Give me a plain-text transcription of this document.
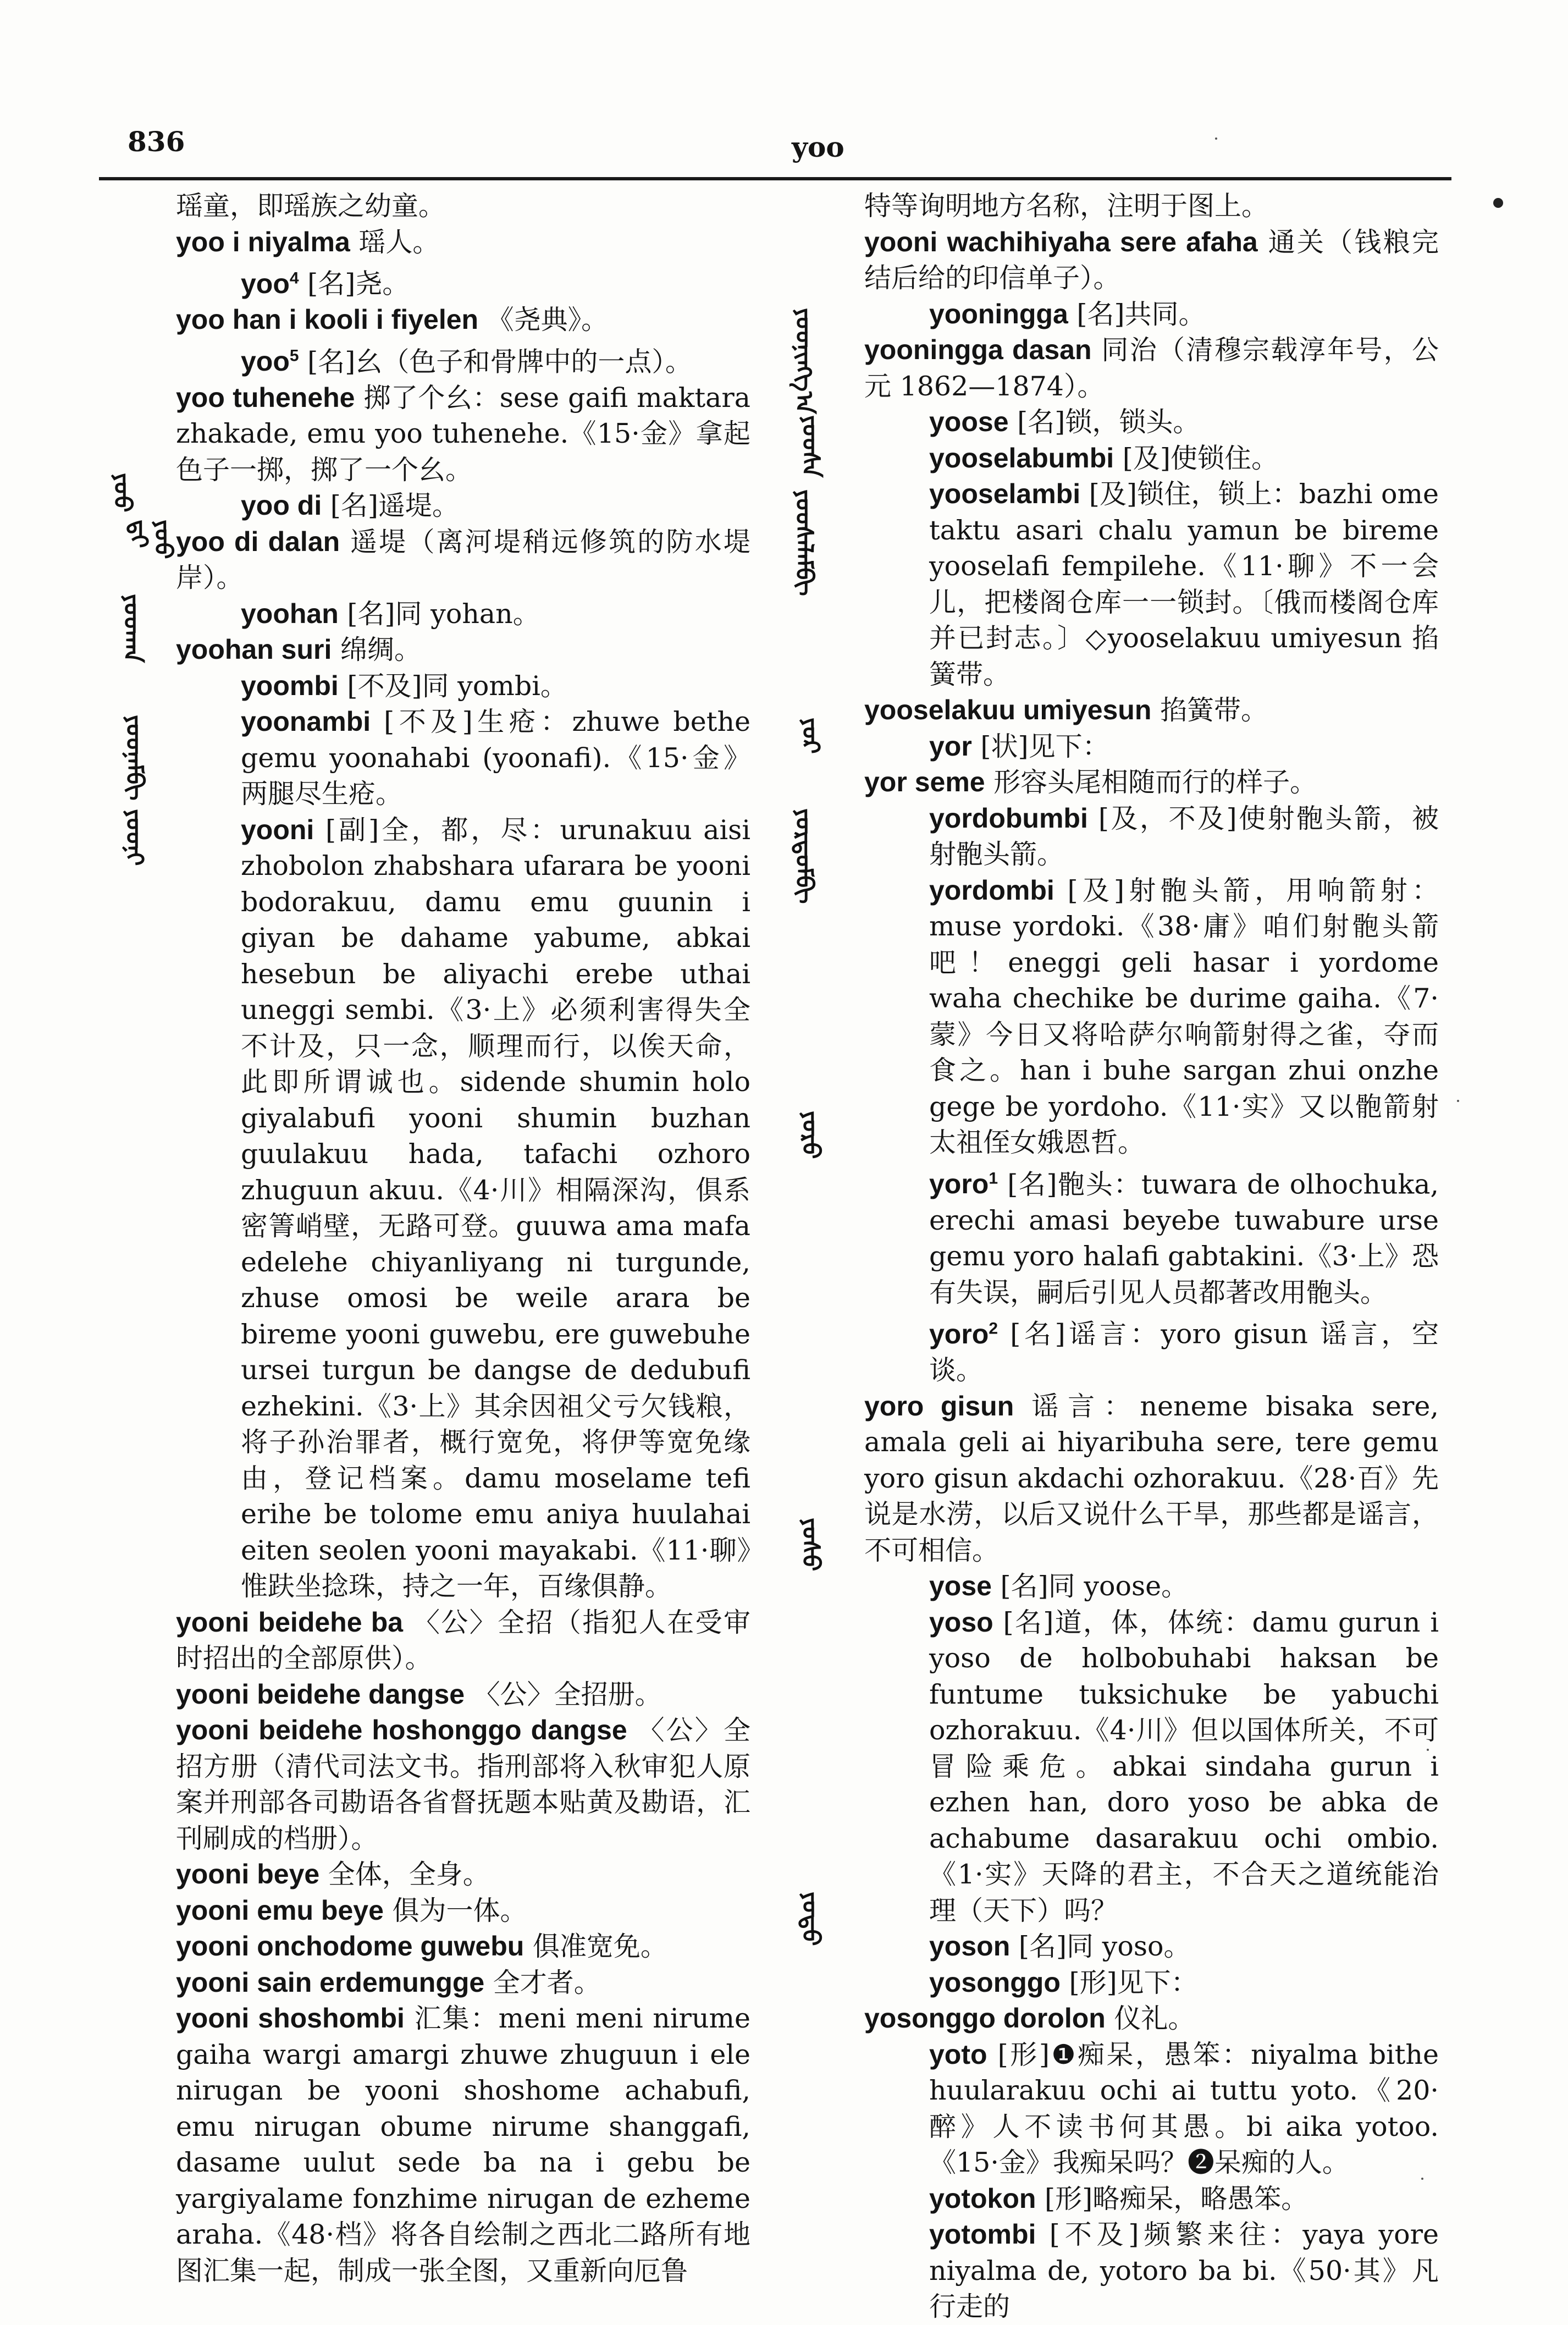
836	yoo
ᠶᠣᠣ
ᠶᠣᠣ ᠳᠢ
ᠶᠣᠣᠬᠠᠨ
ᠶᠣᠣᠨᠠᠮᠪᠢ ᠶᠣᠣᠨᠢ
ᠶᠣᠣᠨᠢᠩᠭ᠎ᠠ
ᠶᠣᠣᠰᠡ
ᠶᠣᠣᠰᠡᠯᠠᠮᠪᠢ
ᠶᠣᠷ
ᠶᠣᠷᠳᠣᠮᠪᠢ
ᠶᠣᠷᠣ
ᠶᠣᠰᠣ
ᠶᠣᠲᠣ

瑶童，即瑶族之幼童。

yoo i niyalma 瑶人。

yoo$^4$ [名]尧。

yoo han i kooli i fiyelen 《尧典》。

yoo$^5$ [名]幺（色子和骨牌中的一点）。

yoo tuhenehe 掷了个幺：sese gaifi maktara zhakade, emu yoo tuhenehe.《15·金》拿起色子一掷，掷了一个幺。

yoo di [名]遥堤。

yoo di dalan 遥堤（离河堤稍远修筑的防水堤岸）。

yoohan [名]同 yohan。

yoohan suri 绵绸。

yoombi [不及]同 yombi。

yoonambi [不及]生疮：zhuwe bethe gemu yoonahabi (yoonafi).《15·金》两腿尽生疮。

yooni [副]全，都，尽：urunakuu aisi zhobolon zhabshara ufarara be yooni bodorakuu, damu emu guunin i giyan be dahame yabume, abkai hesebun be aliyachi erebe uthai uneggi sembi.《3·上》必须利害得失全不计及，只一念，顺理而行，以俟天命，此即所谓诚也。sidende shumin holo giyalabufi yooni shumin buzhan guulakuu hada, tafachi ozhoro zhuguun akuu.《4·川》相隔深沟，俱系密箐峭壁，无路可登。guuwa ama mafa edelehe chiyanliyang ni turgunde, zhuse omosi be weile arara be bireme yooni guwebu, ere guwebuhe ursei turgun be dangse de dedubufi ezhekini.《3·上》其余因祖父亏欠钱粮，将子孙治罪者，概行宽免，将伊等宽免缘由，登记档案。damu moselame tefi erihe be tolome emu aniya huulahai eiten seolen yooni mayakabi.《11·聊》惟趺坐捻珠，持之一年，百缘俱静。

yooni beidehe ba 〈公〉全招（指犯人在受审时招出的全部原供）。

yooni beidehe dangse 〈公〉全招册。

yooni beidehe hoshonggo dangse 〈公〉全招方册（清代司法文书。指刑部将入秋审犯人原案并刑部各司勘语各省督抚题本贴黄及勘语，汇刊刷成的档册）。

yooni beye 全体，全身。

yooni emu beye 俱为一体。

yooni onchodome guwebu 俱准宽免。

yooni sain erdemungge 全才者。

yooni shoshombi 汇集：meni meni nirume gaiha wargi amargi zhuwe zhuguun i ele nirugan be yooni shoshome achabufi, emu nirugan obume nirume shanggafi, dasame uulut sede ba na i gebu be yargiyalame fonzhime nirugan de ezheme araha.《48·档》将各自绘制之西北二路所有地图汇集一起，制成一张全图，又重新向厄鲁

特等询明地方名称，注明于图上。

yooni wachihiyaha sere afaha 通关（钱粮完结后给的印信单子）。

yooningga [名]共同。

yooningga dasan 同治（清穆宗载淳年号，公元 1862—1874）。

yoose [名]锁，锁头。

yooselabumbi [及]使锁住。

yooselambi [及]锁住，锁上：bazhi ome taktu asari chalu yamun be bireme yooselafi fempilehe.《11·聊》不一会儿，把楼阁仓库一一锁封。〔俄而楼阁仓库并已封志。〕◇yooselakuu umiyesun 掐簧带。

yooselakuu umiyesun 掐簧带。

yor [状]见下：

yor seme 形容头尾相随而行的样子。

yordobumbi [及，不及]使射骲头箭，被射骲头箭。

yordombi [及]射骲头箭，用响箭射：muse yordoki.《38·庸》咱们射骲头箭吧！eneggi geli hasar i yordome waha chechike be durime gaiha.《7·蒙》今日又将哈萨尔响箭射得之雀，夺而食之。han i buhe sargan zhui onzhe gege be yordoho.《11·实》又以骲箭射太祖侄女娥恩哲。

yoro$^1$ [名]骲头：tuwara de olhochuka, erechi amasi beyebe tuwabure urse gemu yoro halafi gabtakini.《3·上》恐有失误，嗣后引见人员都著改用骲头。

yoro$^2$ [名]谣言：yoro gisun 谣言，空谈。

yoro gisun 谣言：neneme bisaka sere, amala geli ai hiyaribuha sere, tere gemu yoro gisun akdachi ozhorakuu.《28·百》先说是水涝，以后又说什么干旱，那些都是谣言，不可相信。

yose [名]同 yoose。

yoso [名]道，体，体统：damu gurun i yoso de holbobuhabi haksan be funtume tuksichuke be yabuchi ozhorakuu.《4·川》但以国体所关，不可冒险乘危。abkai sindaha gurun i ezhen han, doro yoso be abka de achabume dasarakuu ochi ombio.《1·实》天降的君主，不合天之道统能治理（天下）吗？

yoson [名]同 yoso。

yosonggo [形]见下：

yosonggo dorolon 仪礼。

yoto [形]❶痴呆，愚笨：niyalma bithe huularakuu ochi ai tuttu yoto.《20·醉》人不读书何其愚。bi aika yotoo.《15·金》我痴呆吗？❷呆痴的人。

yotokon [形]略痴呆，略愚笨。

yotombi [不及]频繁来往：yaya yore niyalma de, yotoro ba bi.《50·其》凡行走的
